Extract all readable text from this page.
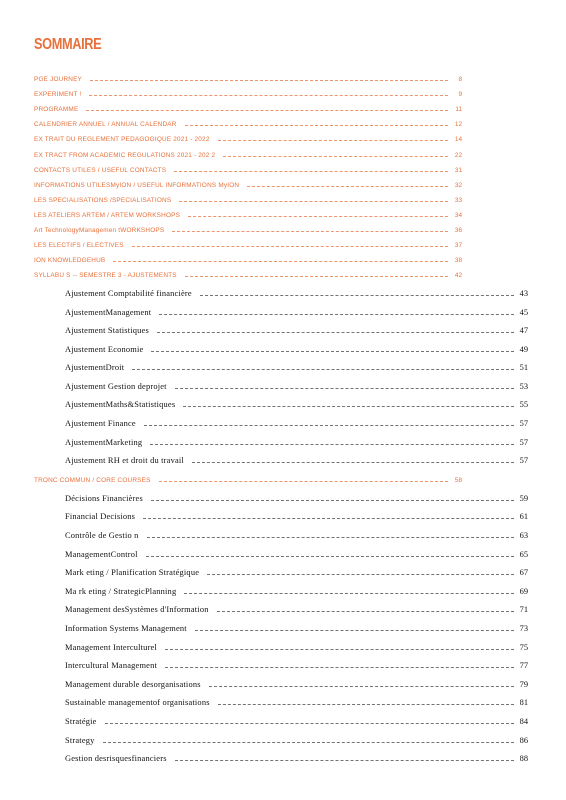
SOMMAIRE
PGE JOURNEY	8
EXPERIMENT !	9
PROGRAMME	11
CALENDRIER ANNUEL / ANNUAL CALENDAR	12
EX TRAIT DU REGLEMENT PEDAGOGIQUE 2021 - 2022	14
EX TRACT FROM ACADEMIC REGULATIONS 2021 - 202 2	22
CONTACTS UTILES / USEFUL CONTACTS	31
INFORMATIONS UTILESMyION / USEFUL INFORMATIONS MyION	32
LES SPECIALISATIONS /SPECIALISATIONS	33
LES ATELIERS ARTEM / ARTEM WORKSHOPS	34
Art TechnologyManagemen tWORKSHOPS	36
LES ELECTIFS / ELECTIVES	37
ION KNOWLEDGEHUB	38
SYLLABU S -- SEMESTRE 3 - AJUSTEMENTS	42
Ajustement Comptabilité financière	43
AjustementManagement	45
Ajustement Statistiques	47
Ajustement Economie	49
AjustementDroit	51
Ajustement Gestion deprojet	53
AjustementMaths&Statistiques	55
Ajustement Finance	57
AjustementMarketing	57
Ajustement RH et droit du travail	57
TRONC COMMUN / CORE COURSES	58
Décisions Financières	59
Financial Decisions	61
Contrôle de Gestio n	63
ManagementControl	65
Mark eting / Planification Stratégique	67
Ma rk eting / StrategicPlanning	69
Management desSystèmes d'Information	71
Information Systems Management	73
Management Interculturel	75
Intercultural Management	77
Management durable desorganisations	79
Sustainable managementof organisations	81
Stratégie	84
Strategy	86
Gestion desrisquesfinanciers	88
